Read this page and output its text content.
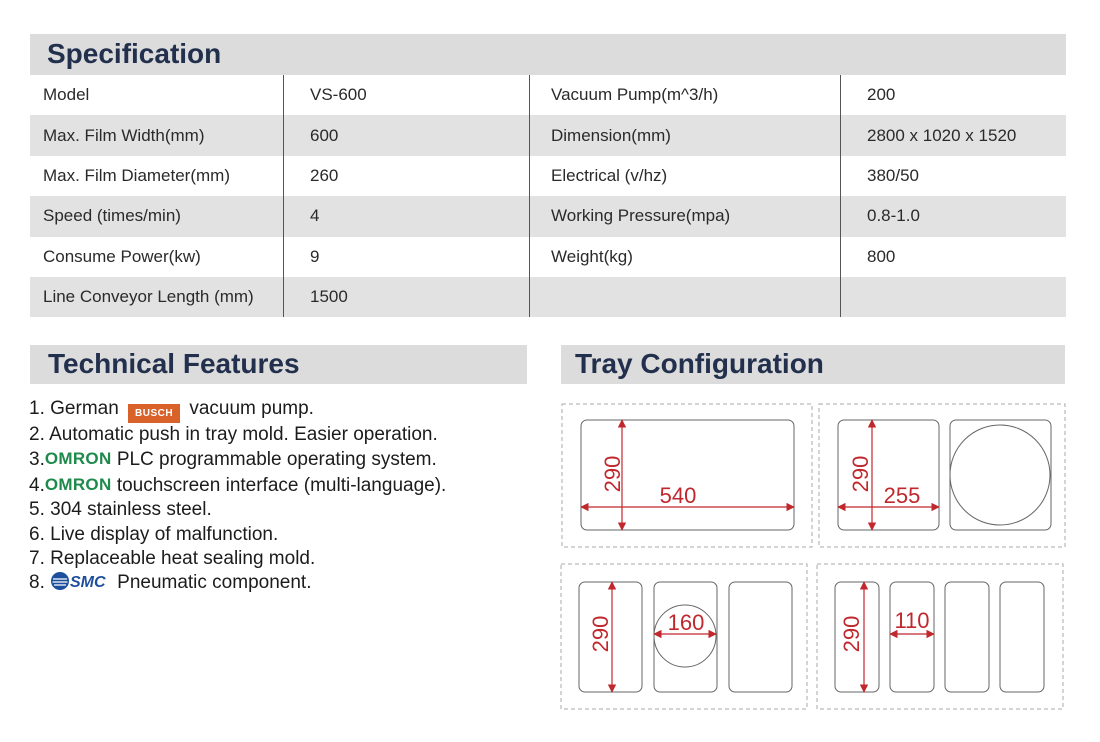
Specification
Model	VS-600	Vacuum Pump(m^3/h)	200
Max. Film Width(mm)	600	Dimension(mm)	2800 x 1020 x 1520
Max. Film Diameter(mm)	260	Electrical (v/hz)	380/50
Speed (times/min)	4	Working Pressure(mpa)	0.8-1.0
Consume Power(kw)	9	Weight(kg)	800
Line Conveyor Length (mm)	1500		
Technical Features
1. German BUSCH vacuum pump.
2. Automatic push in tray mold. Easier operation.
3.OMRON PLC programmable operating system.
4.OMRON touchscreen interface (multi-language).
5. 304 stainless steel.
6. Live display of malfunction.
7. Replaceable heat sealing mold.
8. SMC Pneumatic component.
Tray Configuration
290
540
290
255
290 160	290 110
